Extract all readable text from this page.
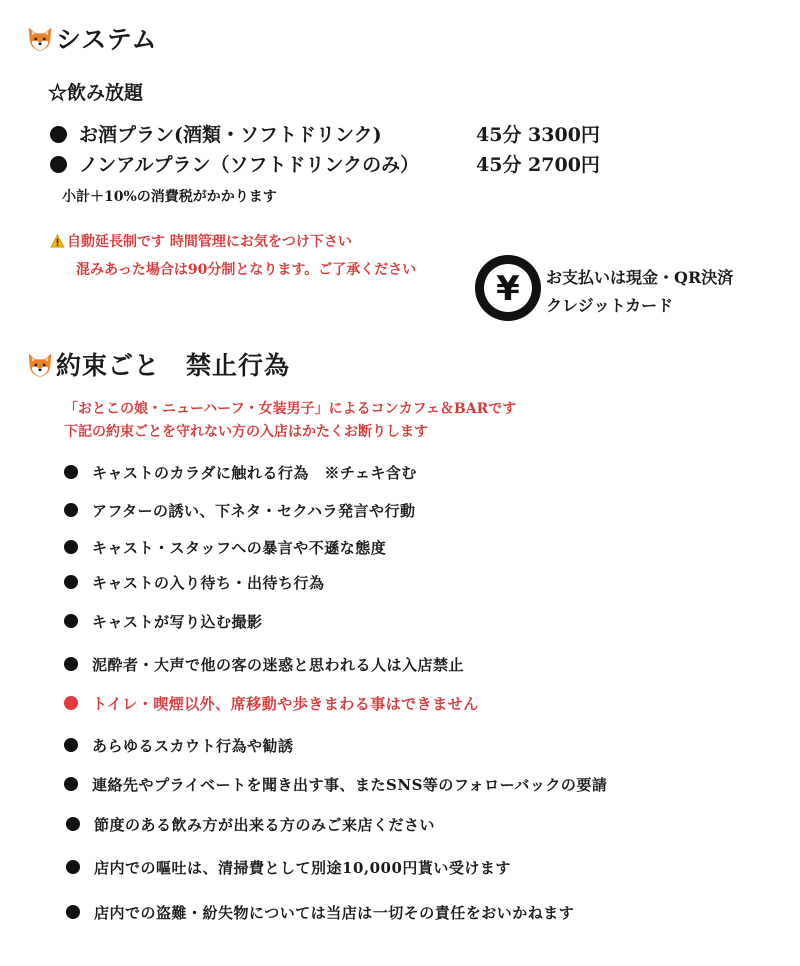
システム
☆飲み放題
お酒プラン(酒類・ソフトドリンク)	45分 3300円
ノンアルプラン（ソフトドリンクのみ）	45分 2700円
小計＋10%の消費税がかかります
自動延長制です 時間管理にお気をつけ下さい
混みあった場合は90分制となります。ご了承ください ¥ お支払いは現金・QR決済
クレジットカード
約束ごと　禁止行為
「おとこの娘・ニューハーフ・女装男子」によるコンカフェ＆BARです
下記の約束ごとを守れない方の入店はかたくお断りします
キャストのカラダに触れる行為　※チェキ含む
アフターの誘い、下ネタ・セクハラ発言や行動
キャスト・スタッフへの暴言や不遜な態度
キャストの入り待ち・出待ち行為
キャストが写り込む撮影
泥酔者・大声で他の客の迷惑と思われる人は入店禁止
トイレ・喫煙以外、席移動や歩きまわる事はできません
あらゆるスカウト行為や勧誘
連絡先やプライベートを聞き出す事、またSNS等のフォローバックの要請
節度のある飲み方が出来る方のみご来店ください
店内での嘔吐は、清掃費として別途10,000円貰い受けます
店内での盗難・紛失物については当店は一切その責任をおいかねます
